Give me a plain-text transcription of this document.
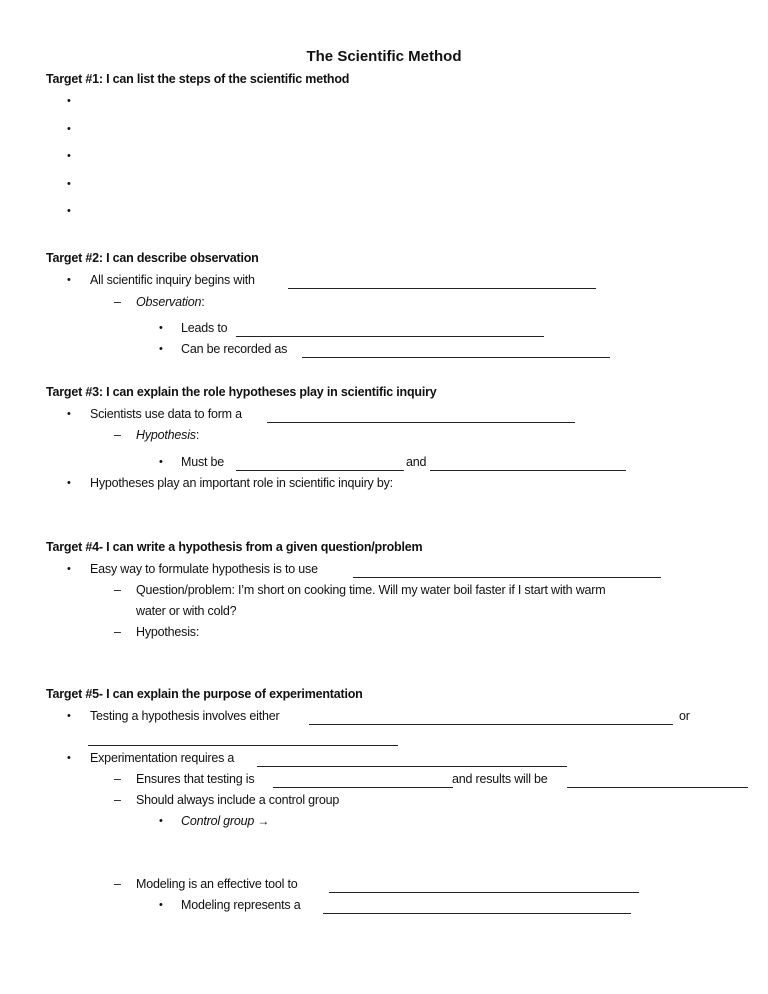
The Scientific Method
Target #1: I can list the steps of the scientific method
•
•
•
•
•
Target #2: I can describe observation
• All scientific inquiry begins with
– Observation:
• Leads to
• Can be recorded as
Target #3: I can explain the role hypotheses play in scientific inquiry
• Scientists use data to form a
– Hypothesis:
• Must be	and
• Hypotheses play an important role in scientific inquiry by:
Target #4- I can write a hypothesis from a given question/problem
• Easy way to formulate hypothesis is to use
– Question/problem: I’m short on cooking time. Will my water boil faster if I start with warm
water or with cold?
– Hypothesis:
Target #5- I can explain the purpose of experimentation
• Testing a hypothesis involves either	or
• Experimentation requires a
– Ensures that testing is	and results will be
– Should always include a control group
• Control group →
– Modeling is an effective tool to
• Modeling represents a
